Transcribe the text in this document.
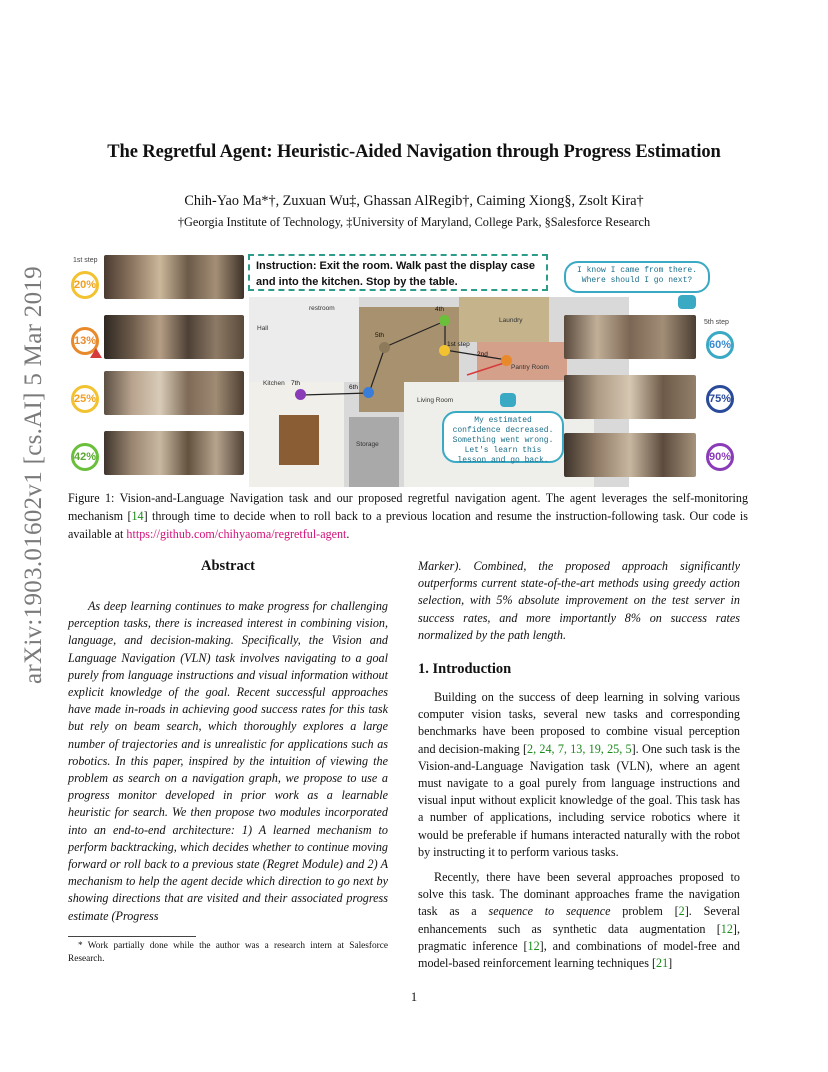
arXiv:1903.01602v1 [cs.AI] 5 Mar 2019
The Regretful Agent: Heuristic-Aided Navigation through Progress Estimation
Chih-Yao Ma*†, Zuxuan Wu‡, Ghassan AlRegib†, Caiming Xiong§, Zsolt Kira†
†Georgia Institute of Technology, ‡University of Maryland, College Park, §Salesforce Research
1st step
20%
13%
25%
42%
Instruction: Exit the room. Walk past the display case and into the kitchen. Stop by the table.
restroom
Hall
Laundry
Pantry Room
Kitchen
Living Room
Storage
1st step
2nd
4th
5th
6th
7th
I know I came from there. Where should I go next?
My estimated confidence decreased. Something went wrong. Let's learn this lesson and go back.
5th step
60%
75%
90%
Figure 1: Vision-and-Language Navigation task and our proposed regretful navigation agent. The agent leverages the self-monitoring mechanism [14] through time to decide when to roll back to a previous location and resume the instruction-following task. Our code is available at https://github.com/chihyaoma/regretful-agent.
Abstract

As deep learning continues to make progress for challenging perception tasks, there is increased interest in combining vision, language, and decision-making. Specifically, the Vision and Language Navigation (VLN) task involves navigating to a goal purely from language instructions and visual information without explicit knowledge of the goal. Recent successful approaches have made in-roads in achieving good success rates for this task but rely on beam search, which thoroughly explores a large number of trajectories and is unrealistic for applications such as robotics. In this paper, inspired by the intuition of viewing the problem as search on a navigation graph, we propose to use a progress monitor developed in prior work as a learnable heuristic for search. We then propose two modules incorporated into an end-to-end architecture: 1) A learned mechanism to perform backtracking, which decides whether to continue moving forward or roll back to a previous state (Regret Module) and 2) A mechanism to help the agent decide which direction to go next by showing directions that are visited and their associated progress estimate (Progress

Marker). Combined, the proposed approach significantly outperforms current state-of-the-art methods using greedy action selection, with 5% absolute improvement on the test server in success rates, and more importantly 8% on success rates normalized by the path length.

1. Introduction

Building on the success of deep learning in solving various computer vision tasks, several new tasks and corresponding benchmarks have been proposed to combine visual perception and decision-making [2, 24, 7, 13, 19, 25, 5]. One such task is the Vision-and-Language Navigation task (VLN), where an agent must navigate to a goal purely from language instructions and visual input without explicit knowledge of the goal. This task has a number of applications, including service robotics where it would be preferable if humans interacted naturally with the robot by instructing it to perform various tasks.

Recently, there have been several approaches proposed to solve this task. The dominant approaches frame the navigation task as a sequence to sequence problem [2]. Several enhancements such as synthetic data augmentation [12], pragmatic inference [12], and combinations of model-free and model-based reinforcement learning techniques [21]

* Work partially done while the author was a research intern at Salesforce Research.
1
